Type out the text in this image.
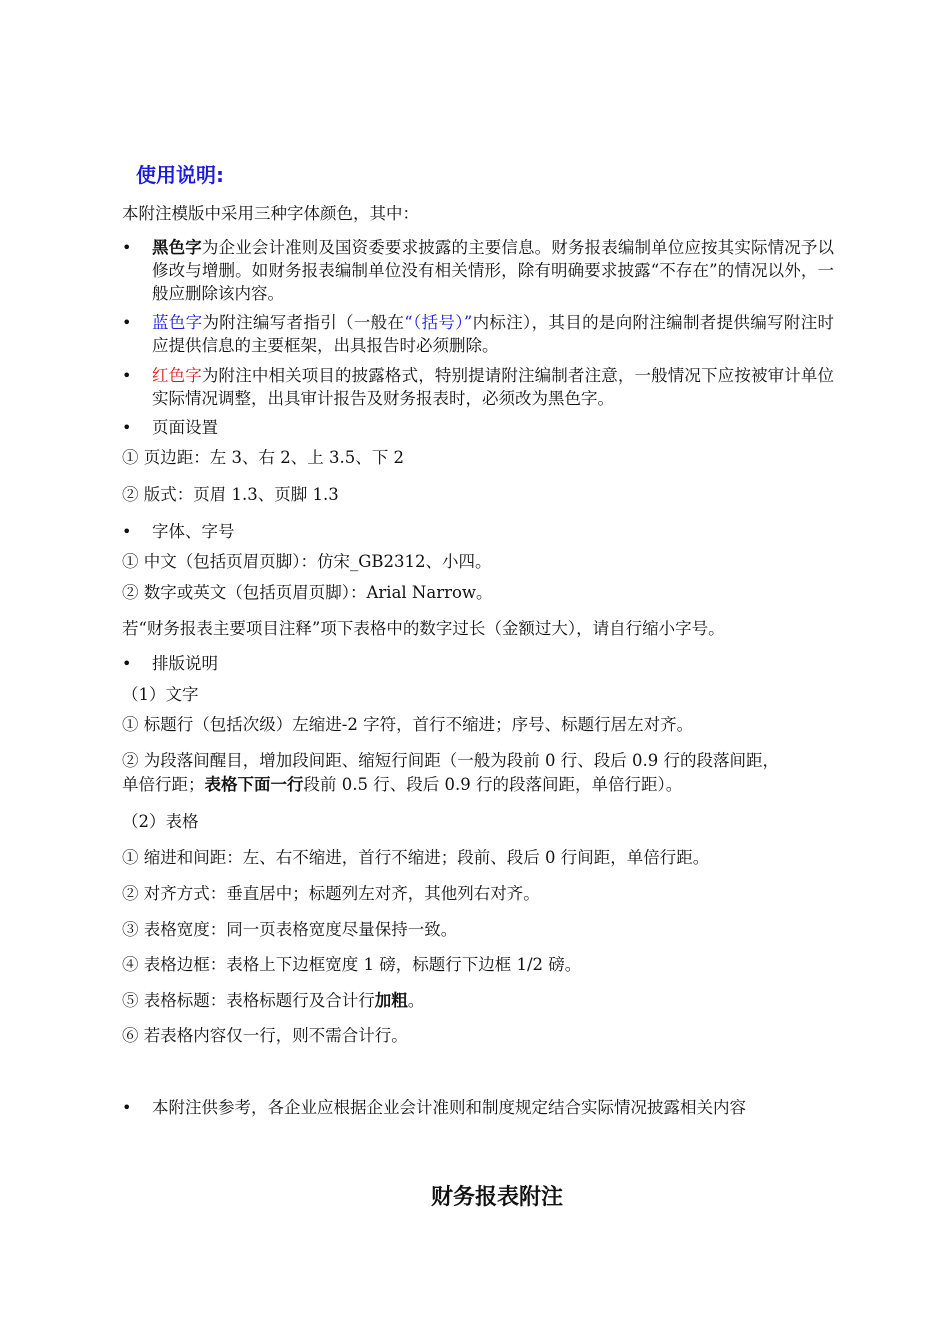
使用说明:
本附注模版中采用三种字体颜色，其中：
• 黑色字为企业会计准则及国资委要求披露的主要信息。财务报表编制单位应按其实际情况予以修改与增删。如财务报表编制单位没有相关情形，除有明确要求披露“不存在”的情况以外，一般应删除该内容。
• 蓝色字为附注编写者指引（一般在“（括号）”内标注），其目的是向附注编制者提供编写附注时应提供信息的主要框架，出具报告时必须删除。
• 红色字为附注中相关项目的披露格式，特别提请附注编制者注意，一般情况下应按被审计单位实际情况调整，出具审计报告及财务报表时，必须改为黑色字。
• 页面设置
① 页边距：左 3、右 2、上 3.5、下 2
② 版式：页眉 1.3、页脚 1.3
• 字体、字号
① 中文（包括页眉页脚）：仿宋_GB2312、小四。
② 数字或英文（包括页眉页脚）：Arial Narrow。
若“财务报表主要项目注释”项下表格中的数字过长（金额过大），请自行缩小字号。
• 排版说明
（1）文字
① 标题行（包括次级）左缩进-2 字符，首行不缩进；序号、标题行居左对齐。
② 为段落间醒目，增加段间距、缩短行间距（一般为段前 0 行、段后 0.9 行的段落间距，
单倍行距；表格下面一行段前 0.5 行、段后 0.9 行的段落间距，单倍行距）。
（2）表格
① 缩进和间距：左、右不缩进，首行不缩进；段前、段后 0 行间距，单倍行距。
② 对齐方式：垂直居中；标题列左对齐，其他列右对齐。
③ 表格宽度：同一页表格宽度尽量保持一致。
④ 表格边框：表格上下边框宽度 1 磅，标题行下边框 1/2 磅。
⑤ 表格标题：表格标题行及合计行加粗。
⑥ 若表格内容仅一行，则不需合计行。
• 本附注供参考，各企业应根据企业会计准则和制度规定结合实际情况披露相关内容
财务报表附注
